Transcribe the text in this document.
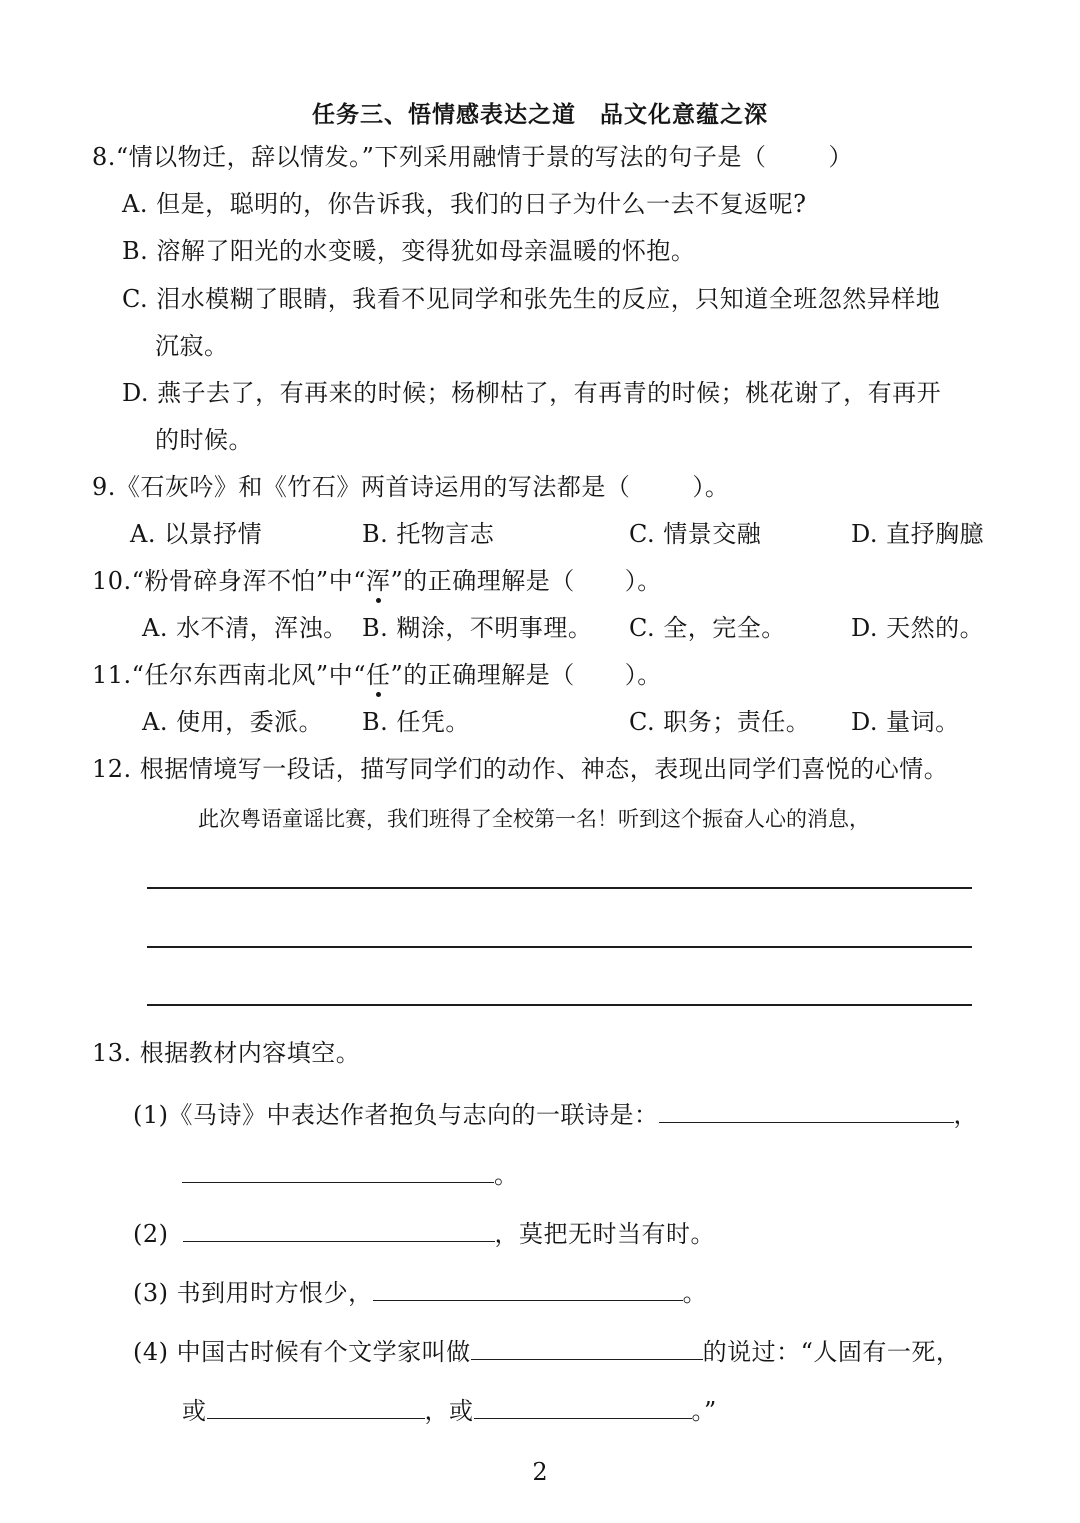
任务三、悟情感表达之道　品文化意蕴之深
8.“情以物迁，辞以情发。”下列采用融情于景的写法的句子是（	）
A. 但是，聪明的，你告诉我，我们的日子为什么一去不复返呢?
B. 溶解了阳光的水变暖，变得犹如母亲温暖的怀抱。
C. 泪水模糊了眼睛，我看不见同学和张先生的反应，只知道全班忽然异样地
沉寂。
D. 燕子去了，有再来的时候；杨柳枯了，有再青的时候；桃花谢了，有再开
的时候。
9.《石灰吟》和《竹石》两首诗运用的写法都是（	）。
A. 以景抒情	B. 托物言志	C. 情景交融	D. 直抒胸臆
10.“粉骨碎身浑不怕”中“浑”的正确理解是（ ）。
A. 水不清，浑浊。 B. 糊涂，不明事理。 C. 全，完全。	D. 天然的。
11.“任尔东西南北风”中“任”的正确理解是（ ）。
A. 使用，委派。 B. 任凭。	C. 职务；责任。 D. 量词。
12. 根据情境写一段话，描写同学们的动作、神态，表现出同学们喜悦的心情。
此次粤语童谣比赛，我们班得了全校第一名！听到这个振奋人心的消息，
13. 根据教材内容填空。
(1)《马诗》中表达作者抱负与志向的一联诗是：	，
。
(2)	，莫把无时当有时。
(3) 书到用时方恨少，	。
(4) 中国古时候有个文学家叫做	的说过：“人固有一死，
或	，或	。”
2
